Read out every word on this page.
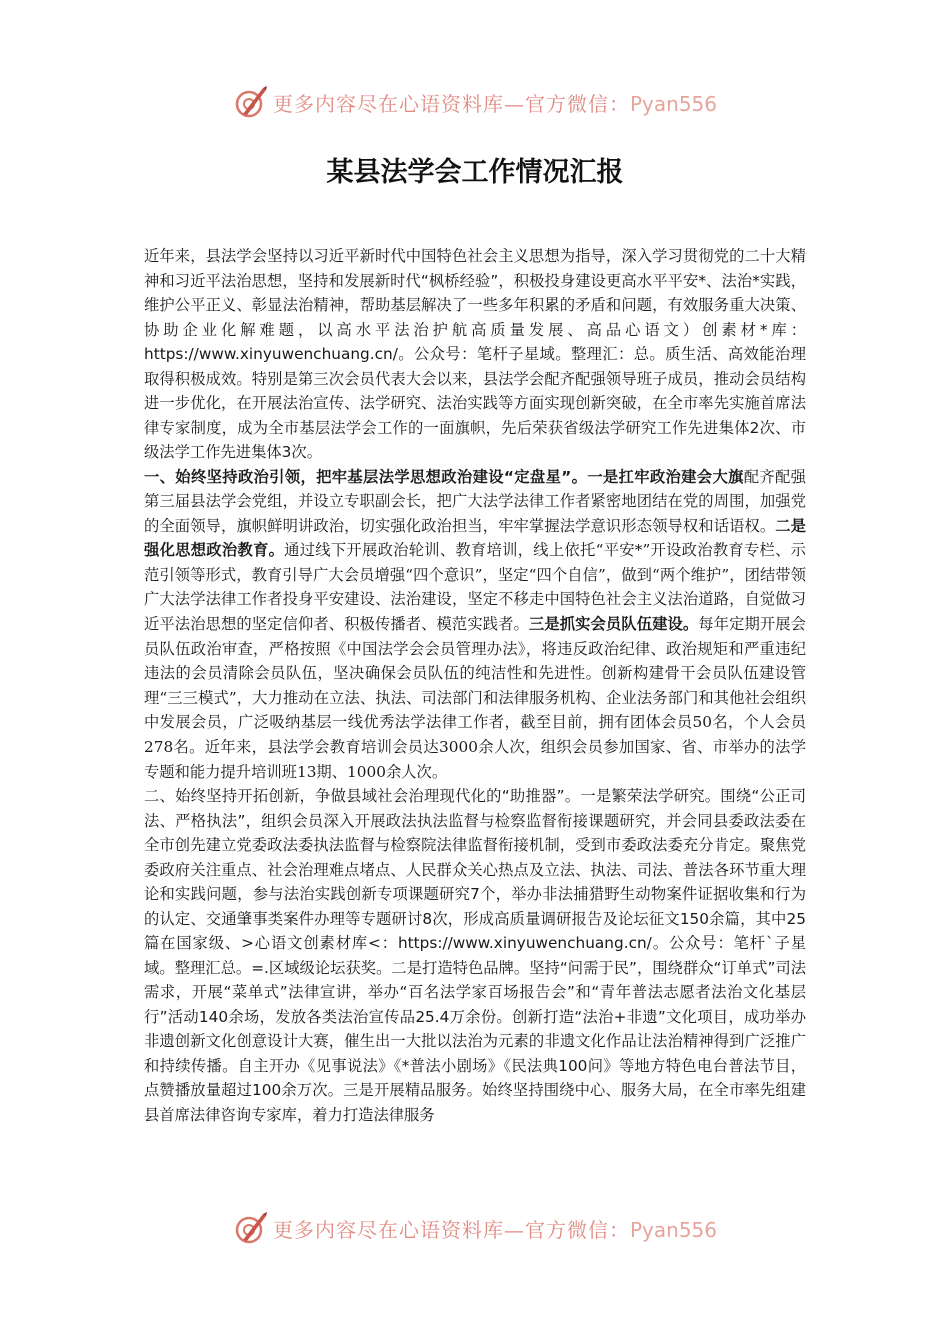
更多内容尽在心语资料库—官方微信：Pyan556
某县法学会工作情况汇报

近年来，县法学会坚持以习近平新时代中国特色社会主义思想为指导，深入学习贯彻党的二十大精神和习近平法治思想，坚持和发展新时代“枫桥经验”，积极投身建设更高水平平安*、法治*实践，维护公平正义、彰显法治精神，帮助基层解决了一些多年积累的矛盾和问题，有效服务重大决策、协助企业化解难题，以高水平法治护航高质量发展、高品心语文）创素材*库：https://www.xinyuwenchuang.cn/。公众号：笔杆子星域。整理汇：总。质生活、高效能治理取得积极成效。特别是第三次会员代表大会以来，县法学会配齐配强领导班子成员，推动会员结构进一步优化，在开展法治宣传、法学研究、法治实践等方面实现创新突破，在全市率先实施首席法律专家制度，成为全市基层法学会工作的一面旗帜，先后荣获省级法学研究工作先进集体2次、市级法学工作先进集体3次。

一、始终坚持政治引领，把牢基层法学思想政治建设“定盘星”。一是扛牢政治建会大旗配齐配强第三届县法学会党组，并设立专职副会长，把广大法学法律工作者紧密地团结在党的周围，加强党的全面领导，旗帜鲜明讲政治，切实强化政治担当，牢牢掌握法学意识形态领导权和话语权。二是强化思想政治教育。通过线下开展政治轮训、教育培训，线上依托“平安*”开设政治教育专栏、示范引领等形式，教育引导广大会员增强“四个意识”，坚定“四个自信”，做到“两个维护”，团结带领广大法学法律工作者投身平安建设、法治建设，坚定不移走中国特色社会主义法治道路，自觉做习近平法治思想的坚定信仰者、积极传播者、模范实践者。三是抓实会员队伍建设。每年定期开展会员队伍政治审查，严格按照《中国法学会会员管理办法》，将违反政治纪律、政治规矩和严重违纪违法的会员清除会员队伍，坚决确保会员队伍的纯洁性和先进性。创新构建骨干会员队伍建设管理“三三模式”，大力推动在立法、执法、司法部门和法律服务机构、企业法务部门和其他社会组织中发展会员，广泛吸纳基层一线优秀法学法律工作者，截至目前，拥有团体会员50名，个人会员278名。近年来，县法学会教育培训会员达3000余人次，组织会员参加国家、省、市举办的法学专题和能力提升培训班13期、1000余人次。

二、始终坚持开拓创新，争做县域社会治理现代化的“助推器”。一是繁荣法学研究。围绕“公正司法、严格执法”，组织会员深入开展政法执法监督与检察监督衔接课题研究，并会同县委政法委在全市创先建立党委政法委执法监督与检察院法律监督衔接机制，受到市委政法委充分肯定。聚焦党委政府关注重点、社会治理难点堵点、人民群众关心热点及立法、执法、司法、普法各环节重大理论和实践问题，参与法治实践创新专项课题研究7个，举办非法捕猎野生动物案件证据收集和行为的认定、交通肇事类案件办理等专题研讨8次，形成高质量调研报告及论坛征文150余篇，其中25篇在国家级、>心语文创素材库<：https://www.xinyuwenchuang.cn/。公众号：笔杆`子星域。整理汇总。=.区域级论坛获奖。二是打造特色品牌。坚持“问需于民”，围绕群众“订单式”司法需求，开展“菜单式”法律宣讲，举办“百名法学家百场报告会”和“青年普法志愿者法治文化基层行”活动140余场，发放各类法治宣传品25.4万余份。创新打造“法治+非遗”文化项目，成功举办非遗创新文化创意设计大赛，催生出一大批以法治为元素的非遗文化作品让法治精神得到广泛推广和持续传播。自主开办《见事说法》《*普法小剧场》《民法典100问》等地方特色电台普法节目，点赞播放量超过100余万次。三是开展精品服务。始终坚持围绕中心、服务大局，在全市率先组建县首席法律咨询专家库，着力打造法律服务

更多内容尽在心语资料库—官方微信：Pyan556
